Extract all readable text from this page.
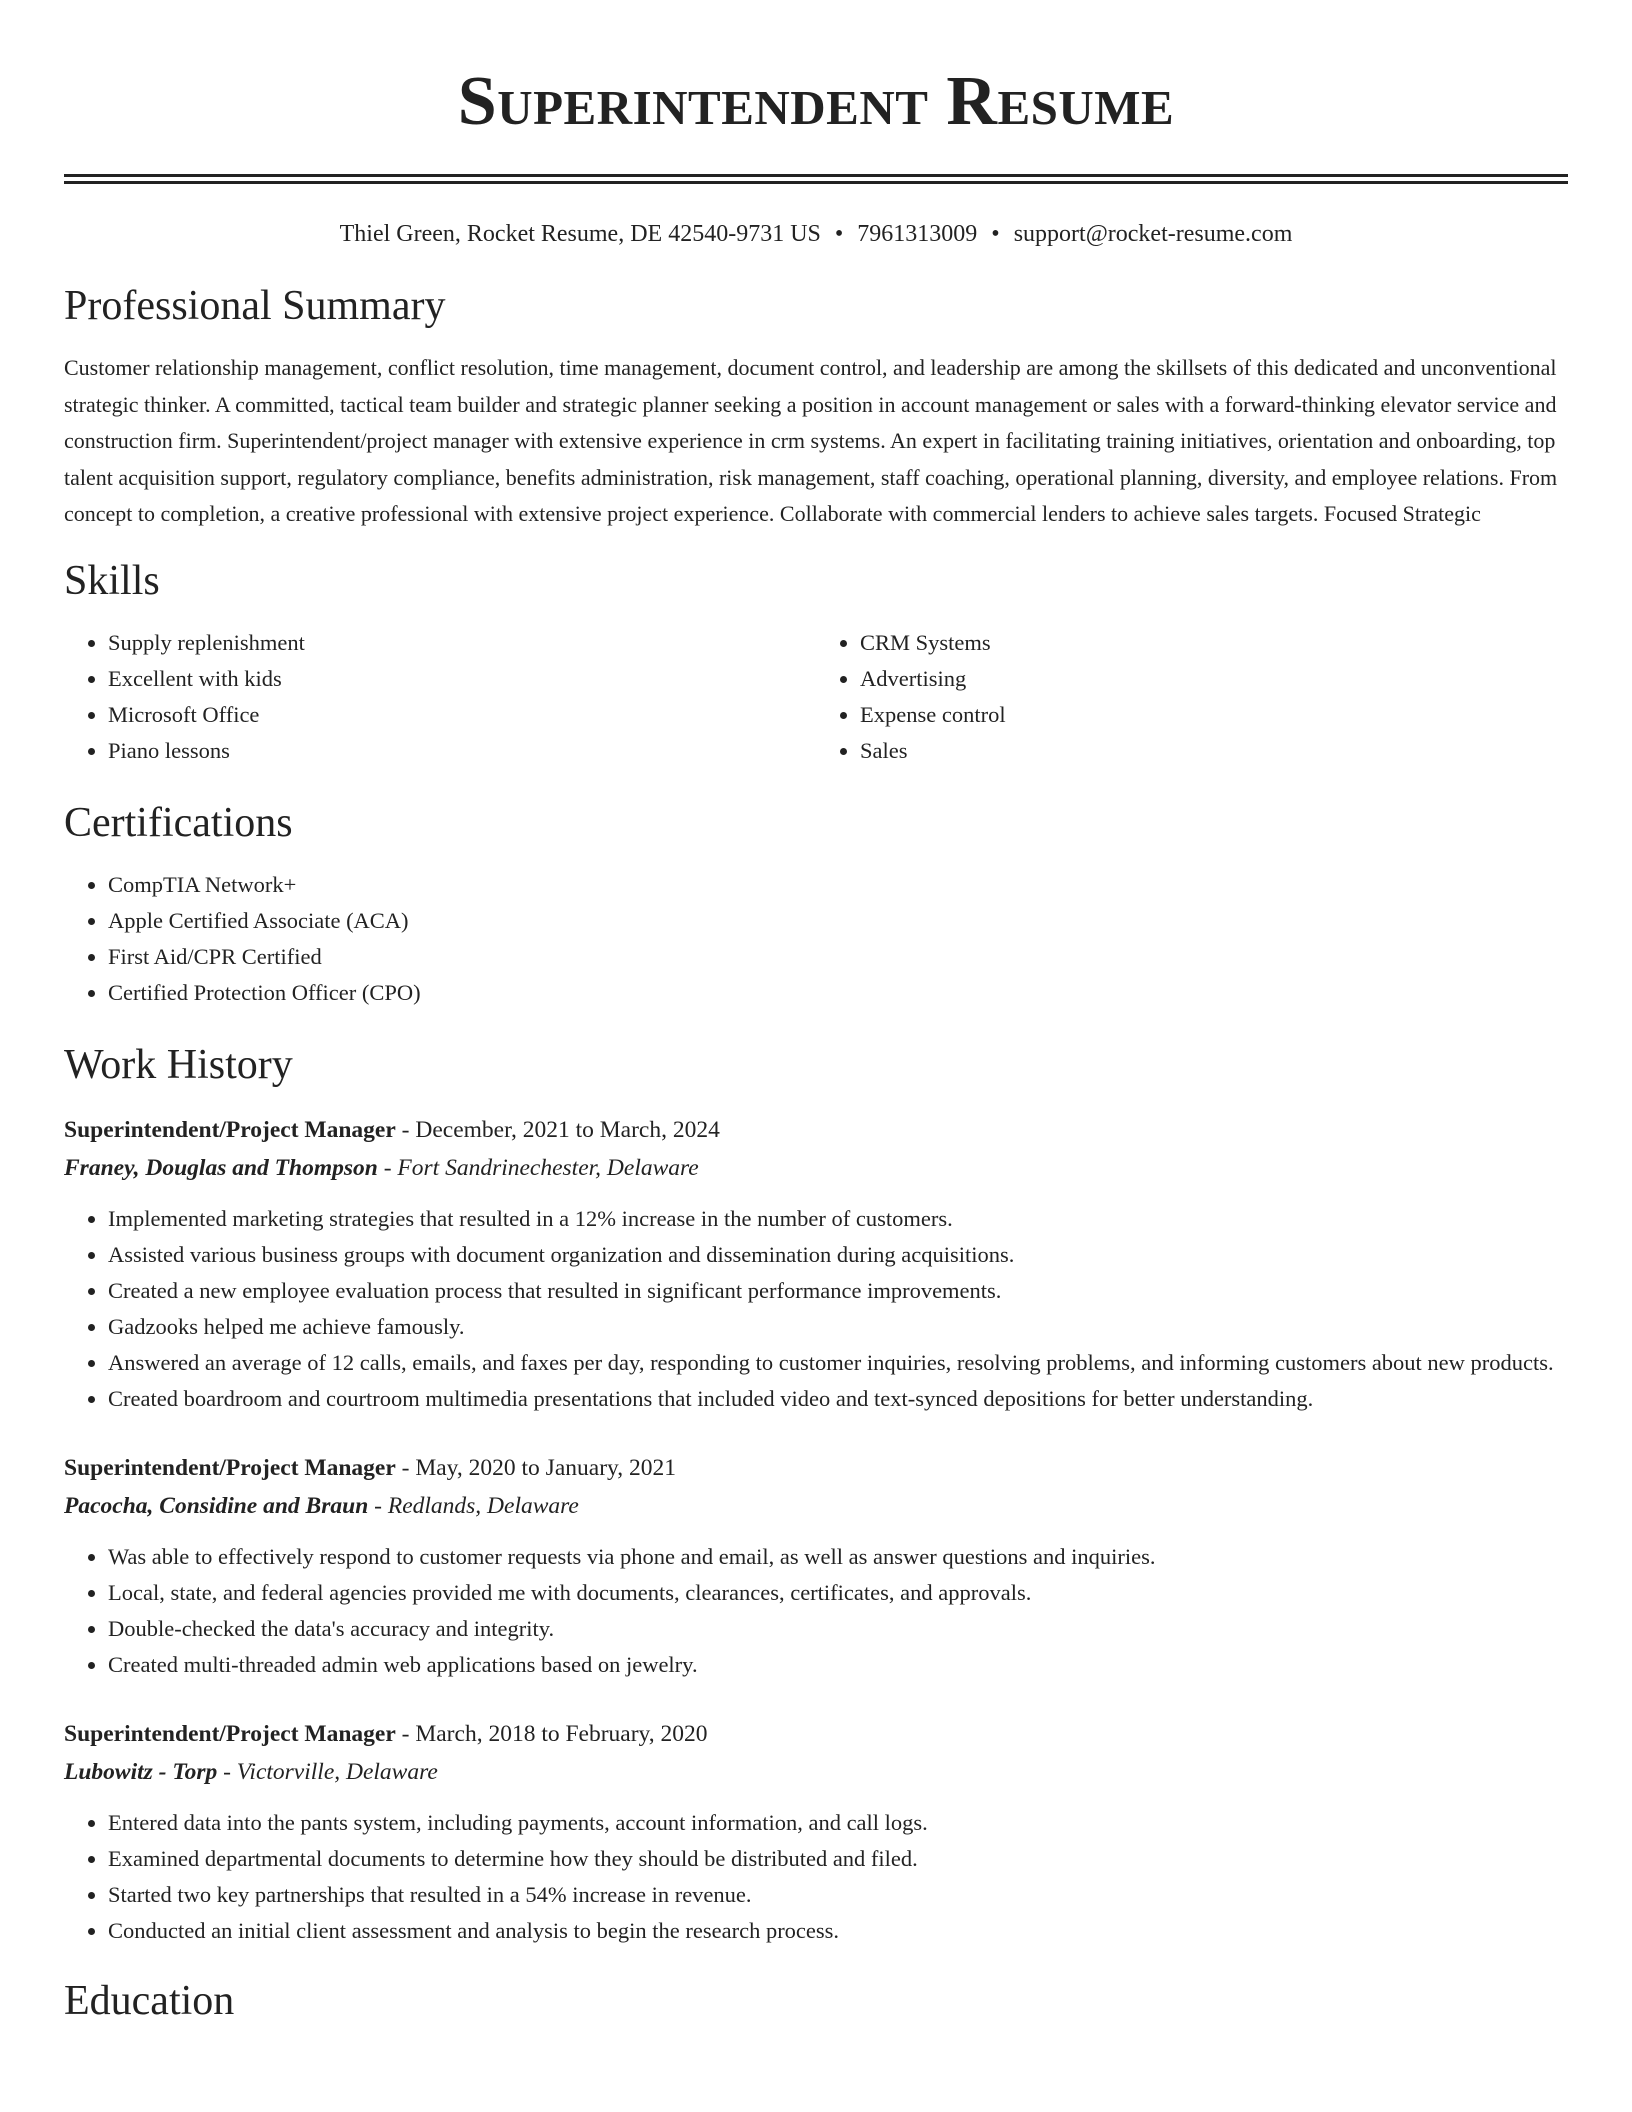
Superintendent Resume
Thiel Green, Rocket Resume, DE 42540-9731 US • 7961313009 • support@rocket-resume.com
Professional Summary

Customer relationship management, conflict resolution, time management, document control, and leadership are among the skillsets of this dedicated and unconventional strategic thinker. A committed, tactical team builder and strategic planner seeking a position in account management or sales with a forward-thinking elevator service and construction firm. Superintendent/project manager with extensive experience in crm systems. An expert in facilitating training initiatives, orientation and onboarding, top talent acquisition support, regulatory compliance, benefits administration, risk management, staff coaching, operational planning, diversity, and employee relations. From concept to completion, a creative professional with extensive project experience. Collaborate with commercial lenders to achieve sales targets. Focused Strategic

Skills
• Supply replenishment
• Excellent with kids
• Microsoft Office
• Piano lessons
• CRM Systems
• Advertising
• Expense control
• Sales
Certifications
• CompTIA Network+
• Apple Certified Associate (ACA)
• First Aid/CPR Certified
• Certified Protection Officer (CPO)
Work History
Superintendent/Project Manager - December, 2021 to March, 2024
Franey, Douglas and Thompson - Fort Sandrinechester, Delaware
• Implemented marketing strategies that resulted in a 12% increase in the number of customers.
• Assisted various business groups with document organization and dissemination during acquisitions.
• Created a new employee evaluation process that resulted in significant performance improvements.
• Gadzooks helped me achieve famously.
• Answered an average of 12 calls, emails, and faxes per day, responding to customer inquiries, resolving problems, and informing customers about new products.
• Created boardroom and courtroom multimedia presentations that included video and text-synced depositions for better understanding.
Superintendent/Project Manager - May, 2020 to January, 2021
Pacocha, Considine and Braun - Redlands, Delaware
• Was able to effectively respond to customer requests via phone and email, as well as answer questions and inquiries.
• Local, state, and federal agencies provided me with documents, clearances, certificates, and approvals.
• Double-checked the data's accuracy and integrity.
• Created multi-threaded admin web applications based on jewelry.
Superintendent/Project Manager - March, 2018 to February, 2020
Lubowitz - Torp - Victorville, Delaware
• Entered data into the pants system, including payments, account information, and call logs.
• Examined departmental documents to determine how they should be distributed and filed.
• Started two key partnerships that resulted in a 54% increase in revenue.
• Conducted an initial client assessment and analysis to begin the research process.
Education
